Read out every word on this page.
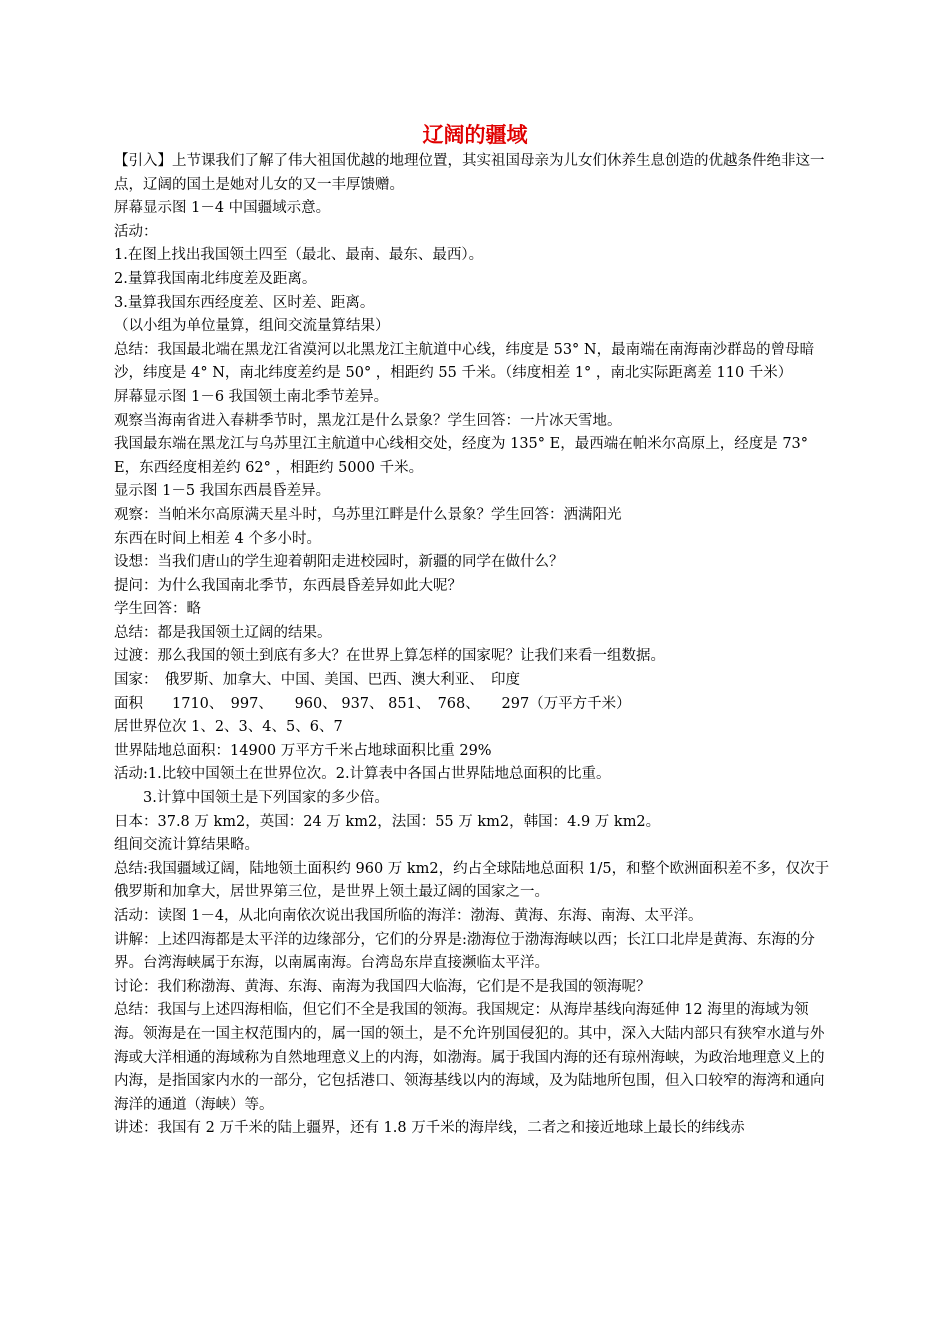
辽阔的疆域

【引入】上节课我们了解了伟大祖国优越的地理位置，其实祖国母亲为儿女们休养生息创造的优越条件绝非这一点，辽阔的国土是她对儿女的又一丰厚馈赠。

屏幕显示图 1－4 中国疆域示意。

活动：

1.在图上找出我国领土四至（最北、最南、最东、最西）。

2.量算我国南北纬度差及距离。

3.量算我国东西经度差、区时差、距离。

（以小组为单位量算，组间交流量算结果）

总结：我国最北端在黑龙江省漠河以北黑龙江主航道中心线，纬度是 53° N，最南端在南海南沙群岛的曾母暗沙，纬度是 4° N，南北纬度差约是 50° ，相距约 55 千米。（纬度相差 1° ，南北实际距离差 110 千米）

屏幕显示图 1－6 我国领土南北季节差异。

观察当海南省进入春耕季节时，黑龙江是什么景象？学生回答：一片冰天雪地。

我国最东端在黑龙江与乌苏里江主航道中心线相交处，经度为 135° E，最西端在帕米尔高原上，经度是 73° E，东西经度相差约 62° ，相距约 5000 千米。

显示图 1－5 我国东西晨昏差异。

观察：当帕米尔高原满天星斗时，乌苏里江畔是什么景象？学生回答：洒满阳光

东西在时间上相差 4 个多小时。

设想：当我们唐山的学生迎着朝阳走进校园时，新疆的同学在做什么？

提问：为什么我国南北季节，东西晨昏差异如此大呢？

学生回答：略

总结：都是我国领土辽阔的结果。

过渡：那么我国的领土到底有多大？在世界上算怎样的国家呢？让我们来看一组数据。

国家：　俄罗斯、加拿大、中国、美国、巴西、澳大利亚、　印度

面积　　1710、　997、　　960、 937、 851、　768、　　297（万平方千米）

居世界位次 1、2、3、4、5、6、7

世界陆地总面积：14900 万平方千米占地球面积比重 29%

活动:1.比较中国领土在世界位次。2.计算表中各国占世界陆地总面积的比重。

　　3.计算中国领土是下列国家的多少倍。

日本：37.8 万 km2，英国：24 万 km2，法国：55 万 km2，韩国：4.9 万 km2。

组间交流计算结果略。

总结:我国疆域辽阔，陆地领土面积约 960 万 km2，约占全球陆地总面积 1/5，和整个欧洲面积差不多，仅次于俄罗斯和加拿大，居世界第三位，是世界上领土最辽阔的国家之一。

活动：读图 1－4，从北向南依次说出我国所临的海洋：渤海、黄海、东海、南海、太平洋。

讲解：上述四海都是太平洋的边缘部分，它们的分界是:渤海位于渤海海峡以西；长江口北岸是黄海、东海的分界。台湾海峡属于东海，以南属南海。台湾岛东岸直接濒临太平洋。

讨论：我们称渤海、黄海、东海、南海为我国四大临海，它们是不是我国的领海呢？

总结：我国与上述四海相临，但它们不全是我国的领海。我国规定：从海岸基线向海延伸 12 海里的海域为领海。领海是在一国主权范围内的，属一国的领土，是不允许别国侵犯的。其中，深入大陆内部只有狭窄水道与外海或大洋相通的海域称为自然地理意义上的内海，如渤海。属于我国内海的还有琼州海峡，为政治地理意义上的内海，是指国家内水的一部分，它包括港口、领海基线以内的海域，及为陆地所包围，但入口较窄的海湾和通向海洋的通道（海峡）等。

讲述：我国有 2 万千米的陆上疆界，还有 1.8 万千米的海岸线，二者之和接近地球上最长的纬线赤
